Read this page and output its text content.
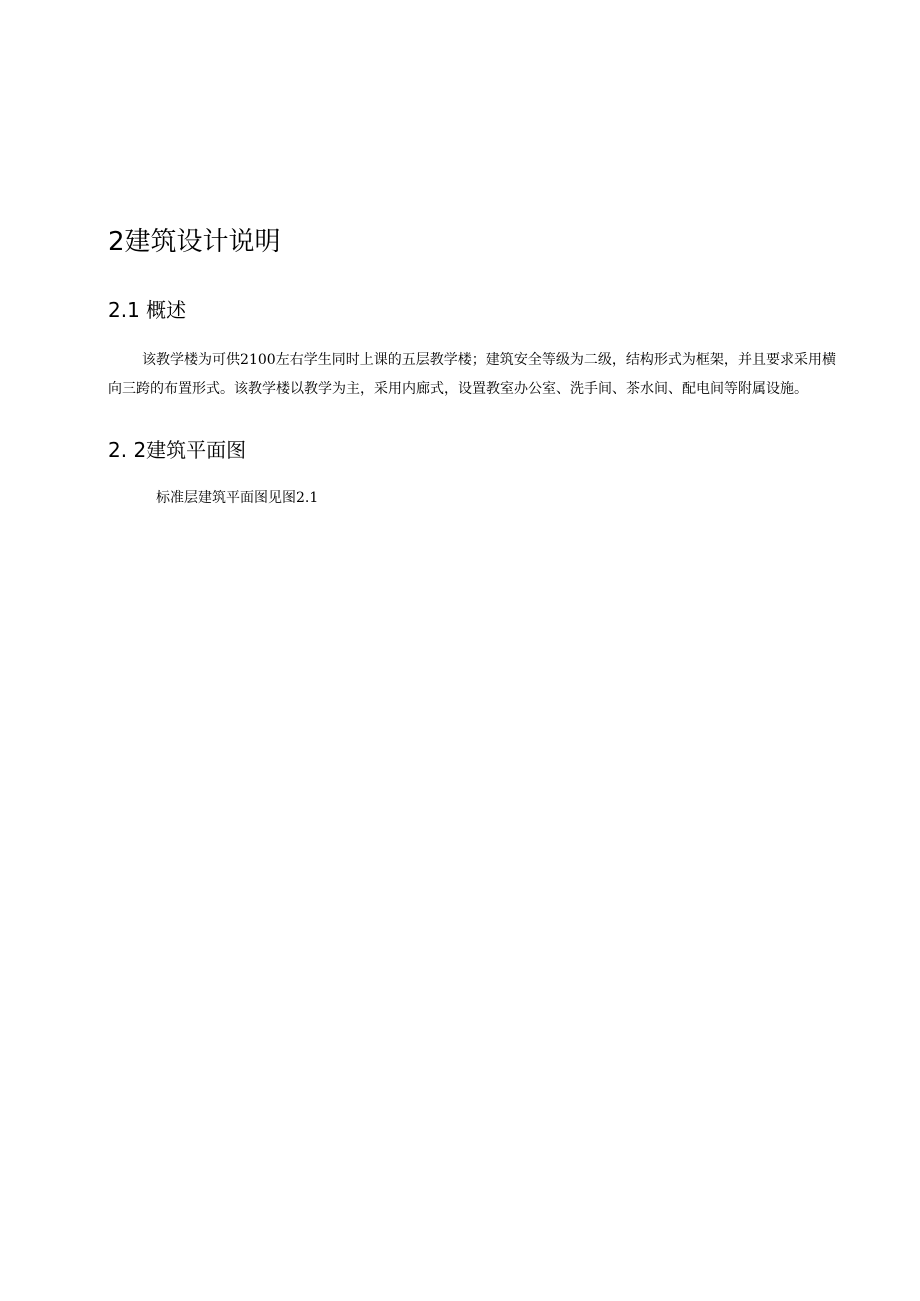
2建筑设计说明
2.1 概述

该教学楼为可供2100左右学生同时上课的五层教学楼；建筑安全等级为二级，结构形式为框架，并且要求采用横向三跨的布置形式。该教学楼以教学为主，采用内廊式，设置教室办公室、洗手间、茶水间、配电间等附属设施。

2. 2建筑平面图

标准层建筑平面图见图2.1
